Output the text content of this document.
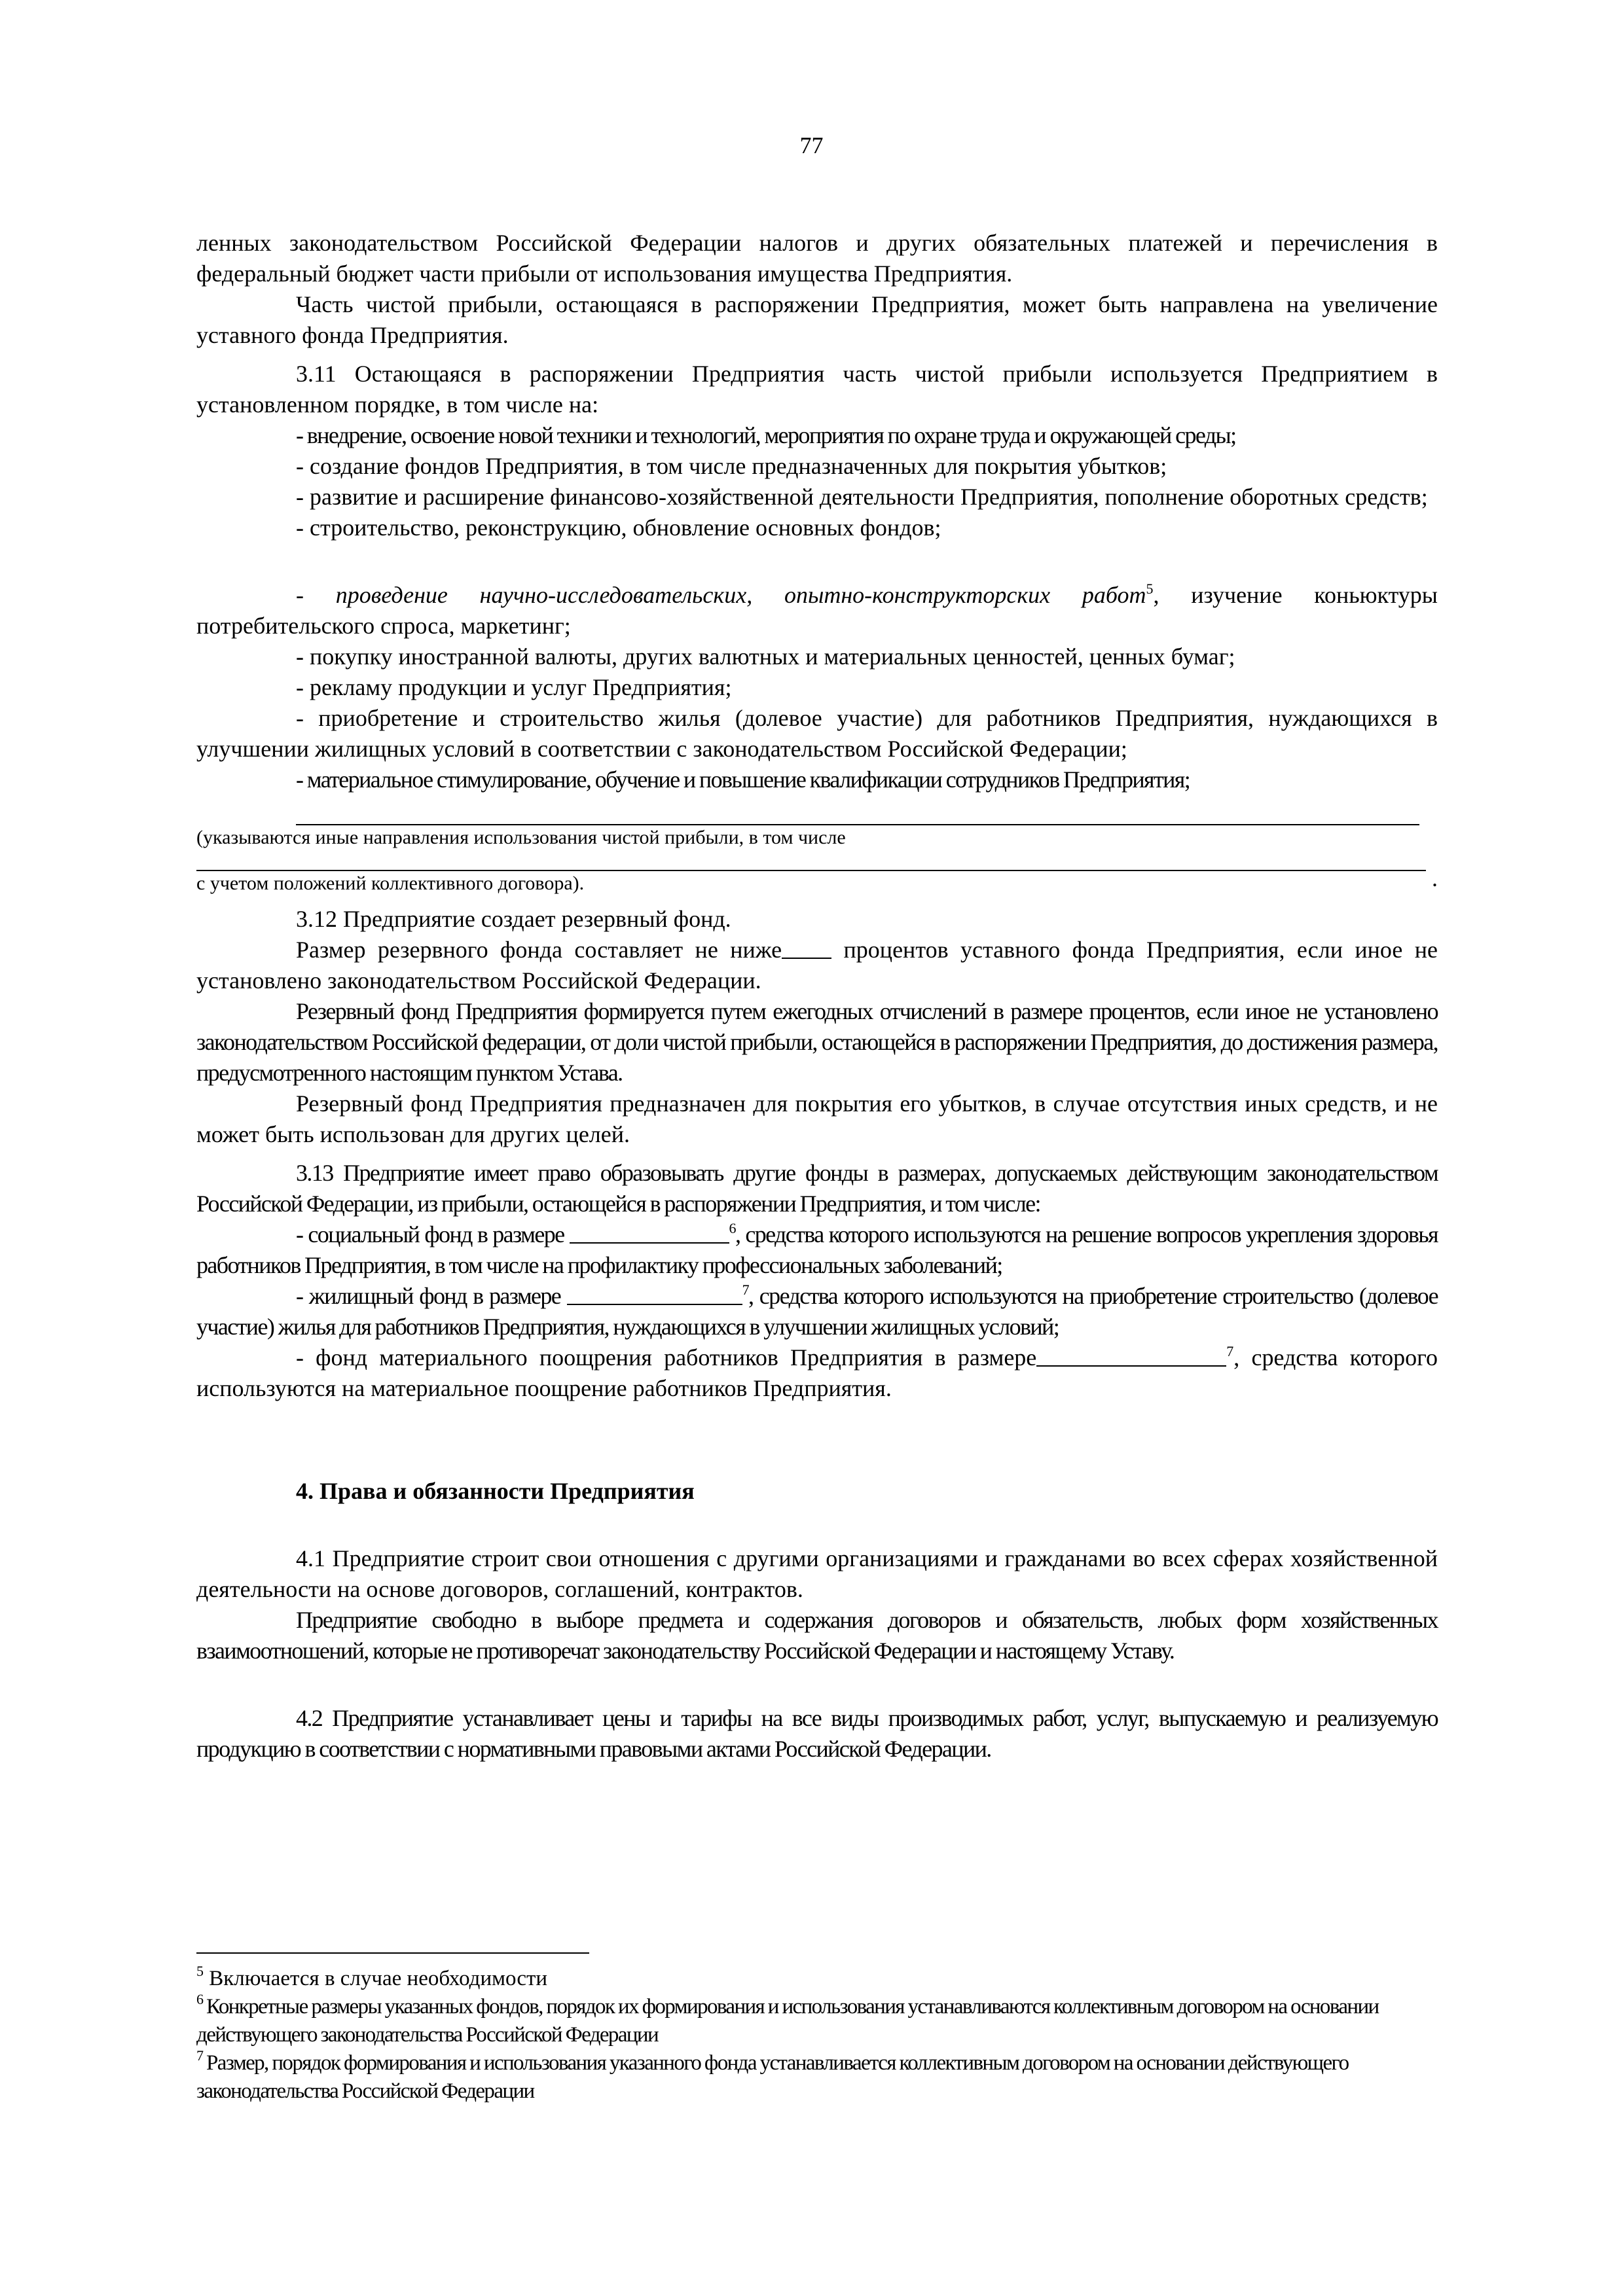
77

ленных законодательством Российской Федерации налогов и других обязательных платежей и перечисления в федеральный бюджет части прибыли от использования имущества Предприятия.

Часть чистой прибыли, остающаяся в распоряжении Предприятия, может быть направлена на увеличение уставного фонда Предприятия.

3.11 Остающаяся в распоряжении Предприятия часть чистой прибыли используется Предприятием в установленном порядке, в том числе на:

- внедрение, освоение новой техники и технологий, мероприятия по охране труда и окружающей среды;

- создание фондов Предприятия, в том числе предназначенных для покрытия убытков;

- развитие и расширение финансово-хозяйственной деятельности Предприятия, пополнение оборотных средств;

- строительство, реконструкцию, обновление основных фондов;

- проведение научно-исследовательских, опытно-конструкторских работ$^5$, изучение коньюктуры потребительского спроса, маркетинг;

- покупку иностранной валюты, других валютных и материальных ценностей, ценных бумаг;

- рекламу продукции и услуг Предприятия;

- приобретение и строительство жилья (долевое участие) для работников Предприятия, нуждающихся в улучшении жилищных условий в соответствии с законодательством Российской Федерации;

- материальное стимулирование, обучение и повышение квалификации сотрудников Предприятия;

(указываются иные направления использования чистой прибыли, в том числе

.

с учетом положений коллективного договора).

3.12 Предприятие создает резервный фонд.

Размер резервного фонда составляет не ниже процентов уставного фонда Предприятия, если иное не установлено законодательством Российской Федерации.

Резервный фонд Предприятия формируется путем ежегодных отчислений в размере процентов, если иное не установлено законодательством Российской федерации, от доли чистой прибыли, остающейся в распоряжении Предприятия, до достижения размера, предусмотренного настоящим пунктом Устава.

Резервный фонд Предприятия предназначен для покрытия его убытков, в случае отсутствия иных средств, и не может быть использован для других целей.

3.13 Предприятие имеет право образовывать другие фонды в размерах, допускаемых действующим законодательством Российской Федерации, из прибыли, остающейся в распоряжении Предприятия, и том числе:

- социальный фонд в размере	$^6$, средства которого используются на решение вопросов укрепления здоровья работников Предприятия, в том числе на профилактику профессиональных заболеваний;

- жилищный фонд в размере	$^7$, средства которого используются на приобретение строительство (долевое участие) жилья для работников Предприятия, нуждающихся в улучшении жилищных условий;

- фонд материального поощрения работников Предприятия в размере	$^7$, средства которого используются на материальное поощрение работников Предприятия.

4. Права и обязанности Предприятия

4.1 Предприятие строит свои отношения с другими организациями и гражданами во всех сферах хозяйственной деятельности на основе договоров, соглашений, контрактов.

Предприятие свободно в выборе предмета и содержания договоров и обязательств, любых форм хозяйственных взаимоотношений, которые не противоречат законодательству Российской Федерации и настоящему Уставу.

4.2 Предприятие устанавливает цены и тарифы на все виды производимых работ, услуг, выпускаемую и реализуемую продукцию в соответствии с нормативными правовыми актами Российской Федерации.

$^5$ Включается в случае необходимости

$^6$ Конкретные размеры указанных фондов, порядок их формирования и использования устанавливаются коллективным договором на основании действующего законодательства Российской Федерации

$^7$ Размер, порядок формирования и использования указанного фонда устанавливается коллективным договором на основании действующего законодательства Российской Федерации
